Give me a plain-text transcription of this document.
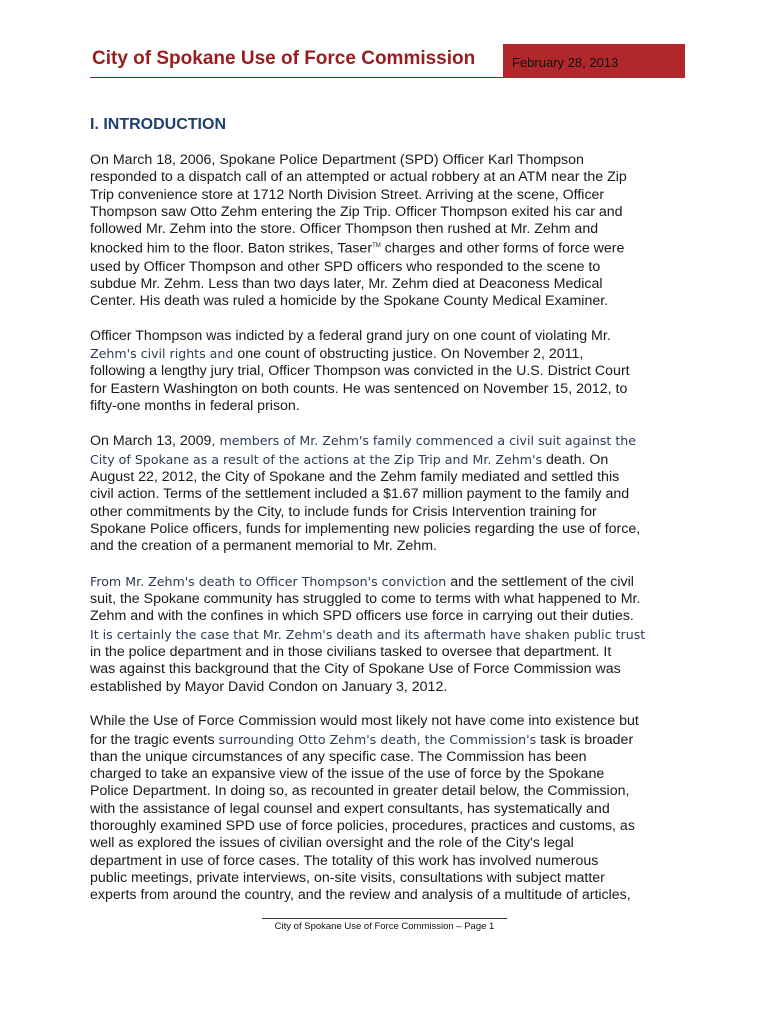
City of Spokane Use of Force Commission	February 28, 2013
I. INTRODUCTION
On March 18, 2006, Spokane Police Department (SPD) Officer Karl Thompson
responded to a dispatch call of an attempted or actual robbery at an ATM near the Zip
Trip convenience store at 1712 North Division Street. Arriving at the scene, Officer
Thompson saw Otto Zehm entering the Zip Trip. Officer Thompson exited his car and
followed Mr. Zehm into the store. Officer Thompson then rushed at Mr. Zehm and
knocked him to the floor. Baton strikes, Taser™ charges and other forms of force were
used by Officer Thompson and other SPD officers who responded to the scene to
subdue Mr. Zehm. Less than two days later, Mr. Zehm died at Deaconess Medical
Center. His death was ruled a homicide by the Spokane County Medical Examiner.
Officer Thompson was indicted by a federal grand jury on one count of violating Mr.
Zehm's civil rights and one count of obstructing justice. On November 2, 2011,
following a lengthy jury trial, Officer Thompson was convicted in the U.S. District Court
for Eastern Washington on both counts. He was sentenced on November 15, 2012, to
fifty-one months in federal prison.
On March 13, 2009, members of Mr. Zehm's family commenced a civil suit against the
City of Spokane as a result of the actions at the Zip Trip and Mr. Zehm's death. On
August 22, 2012, the City of Spokane and the Zehm family mediated and settled this
civil action. Terms of the settlement included a $1.67 million payment to the family and
other commitments by the City, to include funds for Crisis Intervention training for
Spokane Police officers, funds for implementing new policies regarding the use of force,
and the creation of a permanent memorial to Mr. Zehm.
From Mr. Zehm's death to Officer Thompson's conviction and the settlement of the civil
suit, the Spokane community has struggled to come to terms with what happened to Mr.
Zehm and with the confines in which SPD officers use force in carrying out their duties.
It is certainly the case that Mr. Zehm's death and its aftermath have shaken public trust
in the police department and in those civilians tasked to oversee that department. It
was against this background that the City of Spokane Use of Force Commission was
established by Mayor David Condon on January 3, 2012.
While the Use of Force Commission would most likely not have come into existence but
for the tragic events surrounding Otto Zehm's death, the Commission's task is broader
than the unique circumstances of any specific case. The Commission has been
charged to take an expansive view of the issue of the use of force by the Spokane
Police Department. In doing so, as recounted in greater detail below, the Commission,
with the assistance of legal counsel and expert consultants, has systematically and
thoroughly examined SPD use of force policies, procedures, practices and customs, as
well as explored the issues of civilian oversight and the role of the City's legal
department in use of force cases. The totality of this work has involved numerous
public meetings, private interviews, on-site visits, consultations with subject matter
experts from around the country, and the review and analysis of a multitude of articles,
City of Spokane Use of Force Commission – Page 1
